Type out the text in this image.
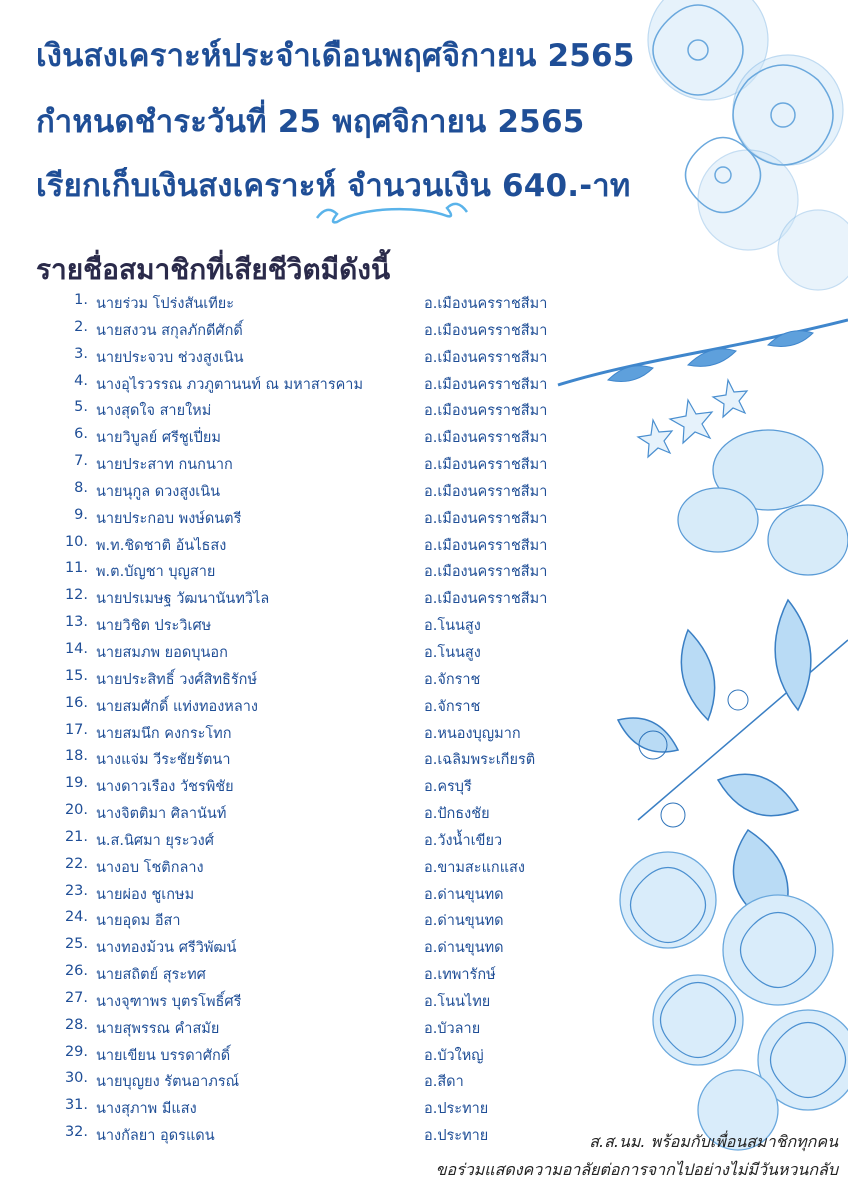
เงินสงเคราะห์ประจำเดือนพฤศจิกายน 2565
กำหนดชำระวันที่ 25 พฤศจิกายน 2565
เรียกเก็บเงินสงเคราะห์ จำนวนเงิน 640.-าท
รายชื่อสมาชิกที่เสียชีวิตมีดังนี้
1. นายร่วม โปร่งสันเทียะ	อ.เมืองนครราชสีมา
2. นายสงวน สกุลภักดีศักดิ์	อ.เมืองนครราชสีมา
3. นายประจวบ ช่วงสูงเนิน	อ.เมืองนครราชสีมา
4. นางอุไรวรรณ ภวภูตานนท์ ณ มหาสารคาม	อ.เมืองนครราชสีมา
5. นางสุดใจ สายใหม่	อ.เมืองนครราชสีมา
6. นายวิบูลย์ ศรีชูเปี่ยม	อ.เมืองนครราชสีมา
7. นายประสาท กนกนาก	อ.เมืองนครราชสีมา
8. นายนุกูล ดวงสูงเนิน	อ.เมืองนครราชสีมา
9. นายประกอบ พงษ์ดนตรี	อ.เมืองนครราชสีมา
10. พ.ท.ชิดชาติ อ้นไธสง	อ.เมืองนครราชสีมา
11. พ.ต.บัญชา บุญสาย	อ.เมืองนครราชสีมา
12. นายปรเมษฐ วัฒนานันทวิไล	อ.เมืองนครราชสีมา
13. นายวิชิต ประวิเศษ	อ.โนนสูง
14. นายสมภพ ยอดบุนอก	อ.โนนสูง
15. นายประสิทธิ์ วงศ์สิทธิรักษ์	อ.จักราช
16. นายสมศักดิ์ แท่งทองหลาง	อ.จักราช
17. นายสมนึก คงกระโทก	อ.หนองบุญมาก
18. นางแจ่ม วีระชัยรัตนา	อ.เฉลิมพระเกียรติ
19. นางดาวเรือง วัชรพิชัย	อ.ครบุรี
20. นางจิตติมา ศิลานันท์	อ.ปักธงชัย
21. น.ส.นิศมา ยุระวงศ์	อ.วังน้ำเขียว
22. นางอบ โชติกลาง	อ.ขามสะแกแสง
23. นายผ่อง ชูเกษม	อ.ด่านขุนทด
24. นายอุดม อีสา	อ.ด่านขุนทด
25. นางทองม้วน ศรีวิพัฒน์	อ.ด่านขุนทด
26. นายสถิตย์ สุระทศ	อ.เทพารักษ์
27. นางจุฑาพร บุตรโพธิ์ศรี	อ.โนนไทย
28. นายสุพรรณ คำสมัย	อ.บัวลาย
29. นายเขียน บรรดาศักดิ์	อ.บัวใหญ่
30. นายบุญยง รัตนอาภรณ์	อ.สีดา
31. นางสุภาพ มีแสง	อ.ประทาย
32. นางกัลยา อุดรแดน	อ.ประทาย	ส.ส.นม. พร้อมกับเพื่อนสมาชิกทุกคน
ขอร่วมแสดงความอาลัยต่อการจากไปอย่างไม่มีวันหวนกลับ
